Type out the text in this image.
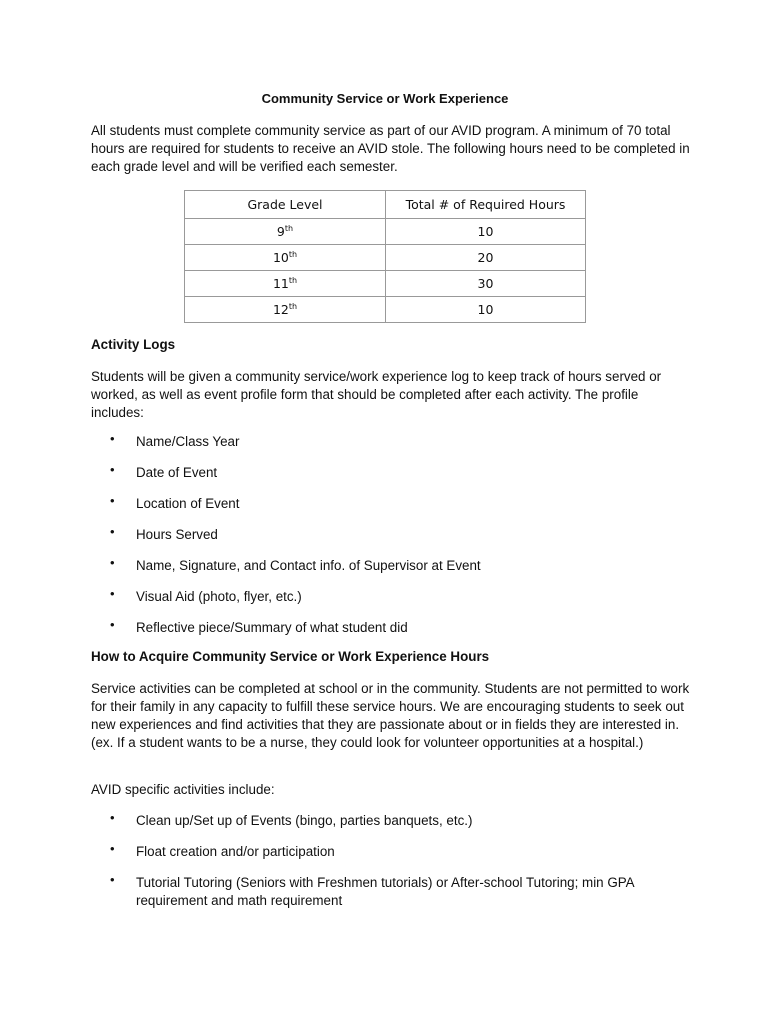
Community Service or Work Experience

All students must complete community service as part of our AVID program. A minimum of 70 total hours are required for students to receive an AVID stole. The following hours need to be completed in each grade level and will be verified each semester.

Grade Level	Total # of Required Hours
9th	10
10th	20
11th	30
12th	10

Activity Logs

Students will be given a community service/work experience log to keep track of hours served or worked, as well as event profile form that should be completed after each activity. The profile includes:

• Name/Class Year
• Date of Event
• Location of Event
• Hours Served
• Name, Signature, and Contact info. of Supervisor at Event
• Visual Aid (photo, flyer, etc.)
• Reflective piece/Summary of what student did

How to Acquire Community Service or Work Experience Hours

Service activities can be completed at school or in the community. Students are not permitted to work for their family in any capacity to fulfill these service hours. We are encouraging students to seek out new experiences and find activities that they are passionate about or in fields they are interested in. (ex. If a student wants to be a nurse, they could look for volunteer opportunities at a hospital.)

AVID specific activities include:

• Clean up/Set up of Events (bingo, parties banquets, etc.)
• Float creation and/or participation
• Tutorial Tutoring (Seniors with Freshmen tutorials) or After-school Tutoring; min GPA requirement and math requirement
